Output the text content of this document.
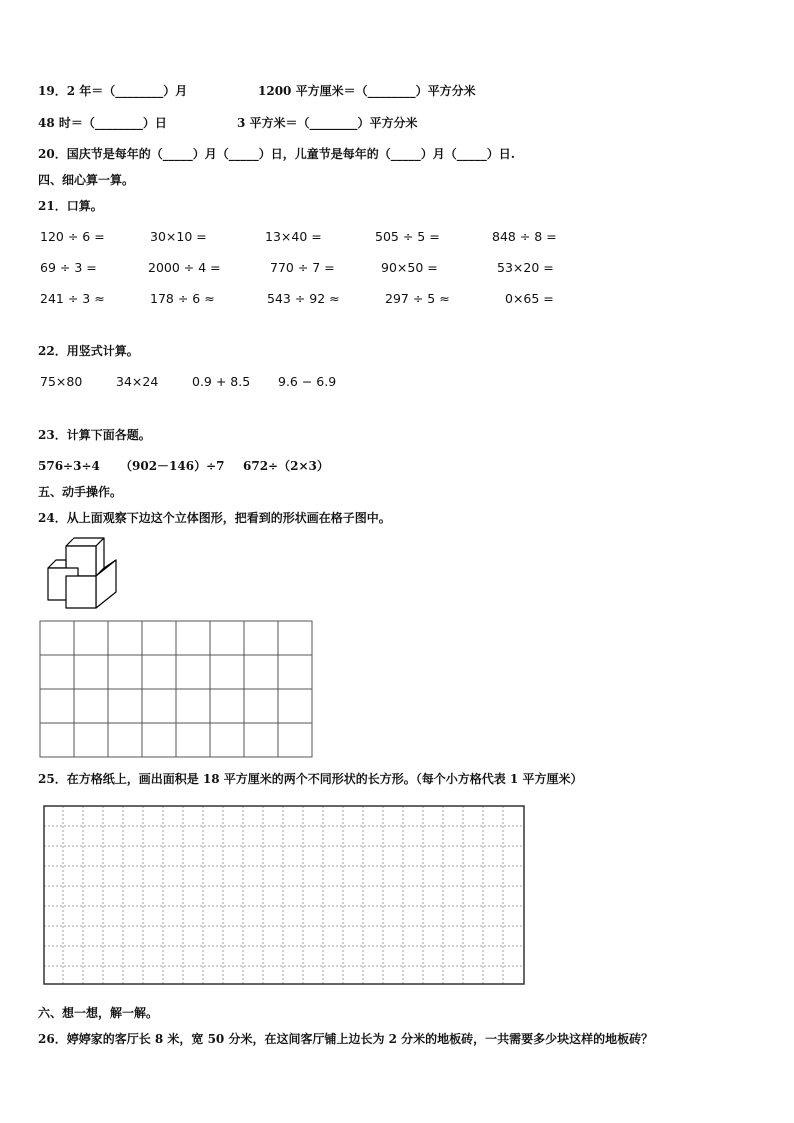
19．2 年＝（________）月	1200 平方厘米＝（________）平方分米
48 时＝（________）日	3 平方米＝（________）平方分米
20．国庆节是每年的（_____）月（_____）日，儿童节是每年的（_____）月（_____）日.
四、细心算一算。
21．口算。
120 ÷ 6 =	30×10 =	13×40 =	505 ÷ 5 =	848 ÷ 8 =
69 ÷ 3 =	2000 ÷ 4 =	770 ÷ 7 =	90×50 =	53×20 =
241 ÷ 3 ≈	178 ÷ 6 ≈	543 ÷ 92 ≈	297 ÷ 5 ≈	0×65 =
22．用竖式计算。
75×80	34×24	0.9 + 8.5 9.6 − 6.9
23．计算下面各题。
576÷3÷4 （902－146）÷7 672÷（2×3）
五、动手操作。
24．从上面观察下边这个立体图形，把看到的形状画在格子图中。
25．在方格纸上，画出面积是 18 平方厘米的两个不同形状的长方形。（每个小方格代表 1 平方厘米）
六、想一想，解一解。
26．婷婷家的客厅长 8 米，宽 50 分米，在这间客厅铺上边长为 2 分米的地板砖，一共需要多少块这样的地板砖？
